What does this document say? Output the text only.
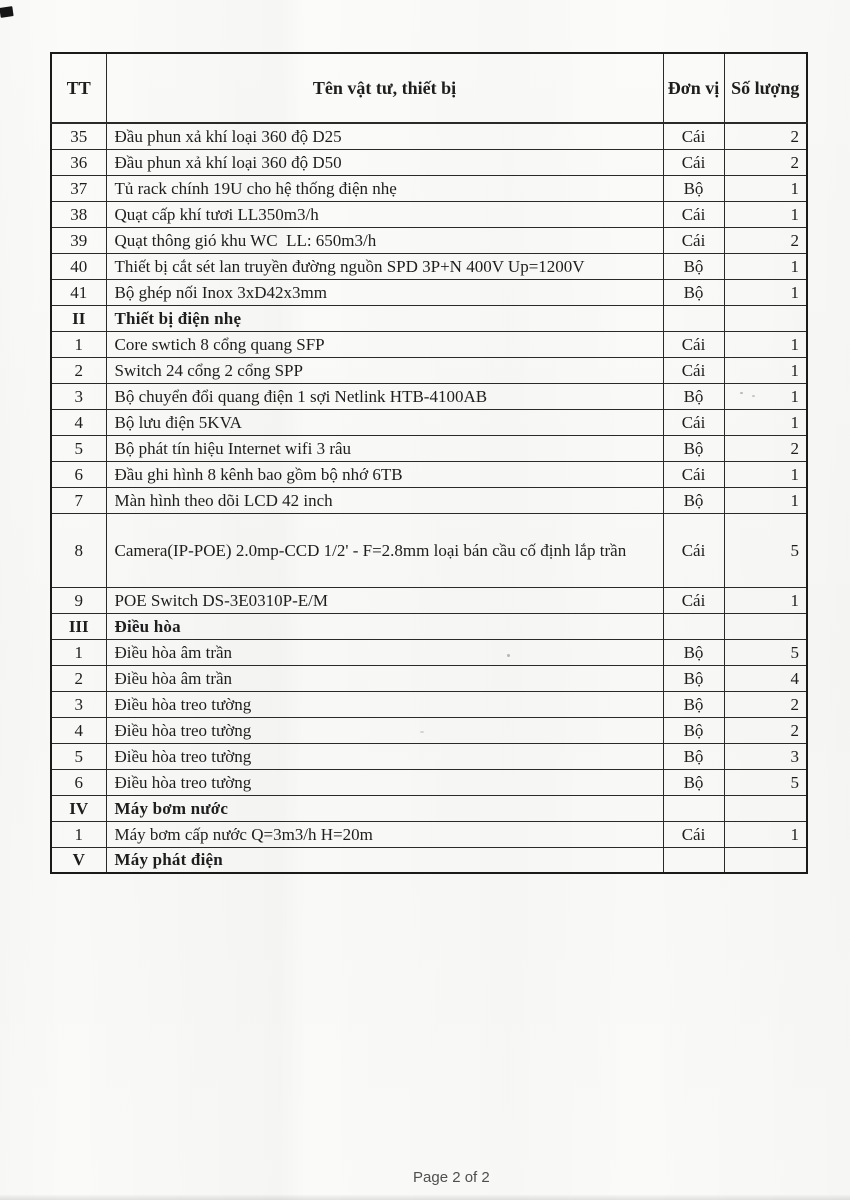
TT	Tên vật tư, thiết bị	Đơn vị	Số lượng
35	Đầu phun xả khí loại 360 độ D25	Cái	2
36	Đầu phun xả khí loại 360 độ D50	Cái	2
37	Tủ rack chính 19U cho hệ thống điện nhẹ	Bộ	1
38	Quạt cấp khí tươi LL350m3/h	Cái	1
39	Quạt thông gió khu WC  LL: 650m3/h	Cái	2
40	Thiết bị cắt sét lan truyền đường nguồn SPD 3P+N 400V Up=1200V	Bộ	1
41	Bộ ghép nối Inox 3xD42x3mm	Bộ	1
II	Thiết bị điện nhẹ		
1	Core swtich 8 cổng quang SFP	Cái	1
2	Switch 24 cổng 2 cổng SPP	Cái	1
3	Bộ chuyển đổi quang điện 1 sợi Netlink HTB-4100AB	Bộ	1
4	Bộ lưu điện 5KVA	Cái	1
5	Bộ phát tín hiệu Internet wifi 3 râu	Bộ	2
6	Đầu ghi hình 8 kênh bao gồm bộ nhớ 6TB	Cái	1
7	Màn hình theo dõi LCD 42 inch	Bộ	1
8	Camera(IP-POE) 2.0mp-CCD 1/2' - F=2.8mm loại bán cầu cố định lắp trần	Cái	5
9	POE Switch DS-3E0310P-E/M	Cái	1
III	Điều hòa		
1	Điều hòa âm trần	Bộ	5
2	Điều hòa âm trần	Bộ	4
3	Điều hòa treo tường	Bộ	2
4	Điều hòa treo tường	Bộ	2
5	Điều hòa treo tường	Bộ	3
6	Điều hòa treo tường	Bộ	5
IV	Máy bơm nước		
1	Máy bơm cấp nước Q=3m3/h H=20m	Cái	1
V	Máy phát điện		
Page 2 of 2
